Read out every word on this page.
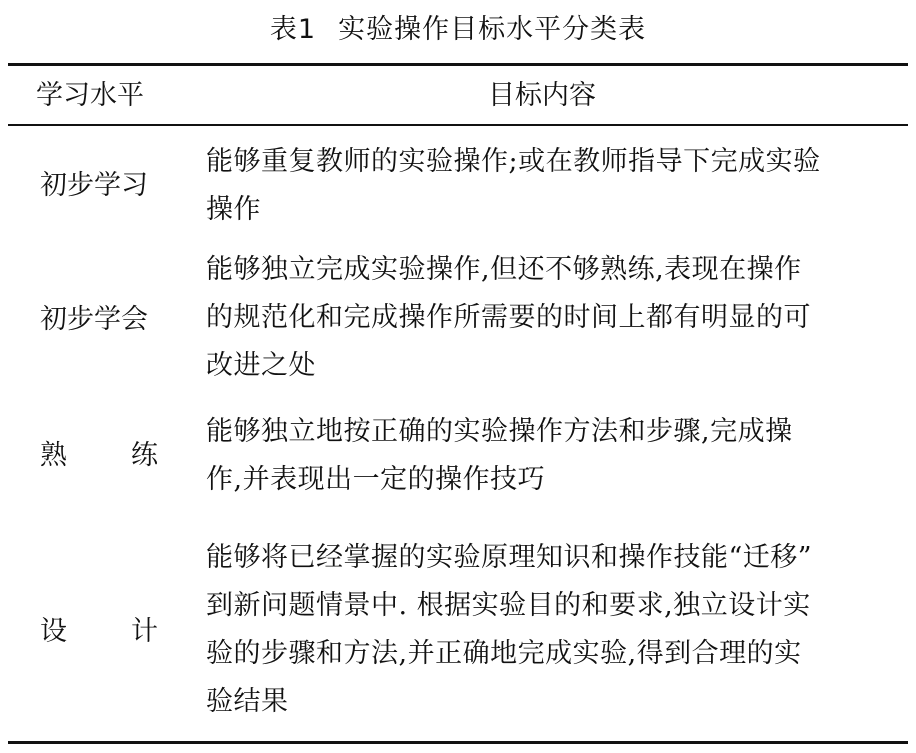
表1 实验操作目标水平分类表
学习水平	目标内容
初步学习
能够重复教师的实验操作;或在教师指导下完成实验
操作
初步学会
能够独立完成实验操作,但还不够熟练,表现在操作
的规范化和完成操作所需要的时间上都有明显的可
改进之处
熟 练
能够独立地按正确的实验操作方法和步骤,完成操
作,并表现出一定的操作技巧
设 计
能够将已经掌握的实验原理知识和操作技能“迁移”
到新问题情景中. 根据实验目的和要求,独立设计实
验的步骤和方法,并正确地完成实验,得到合理的实
验结果
